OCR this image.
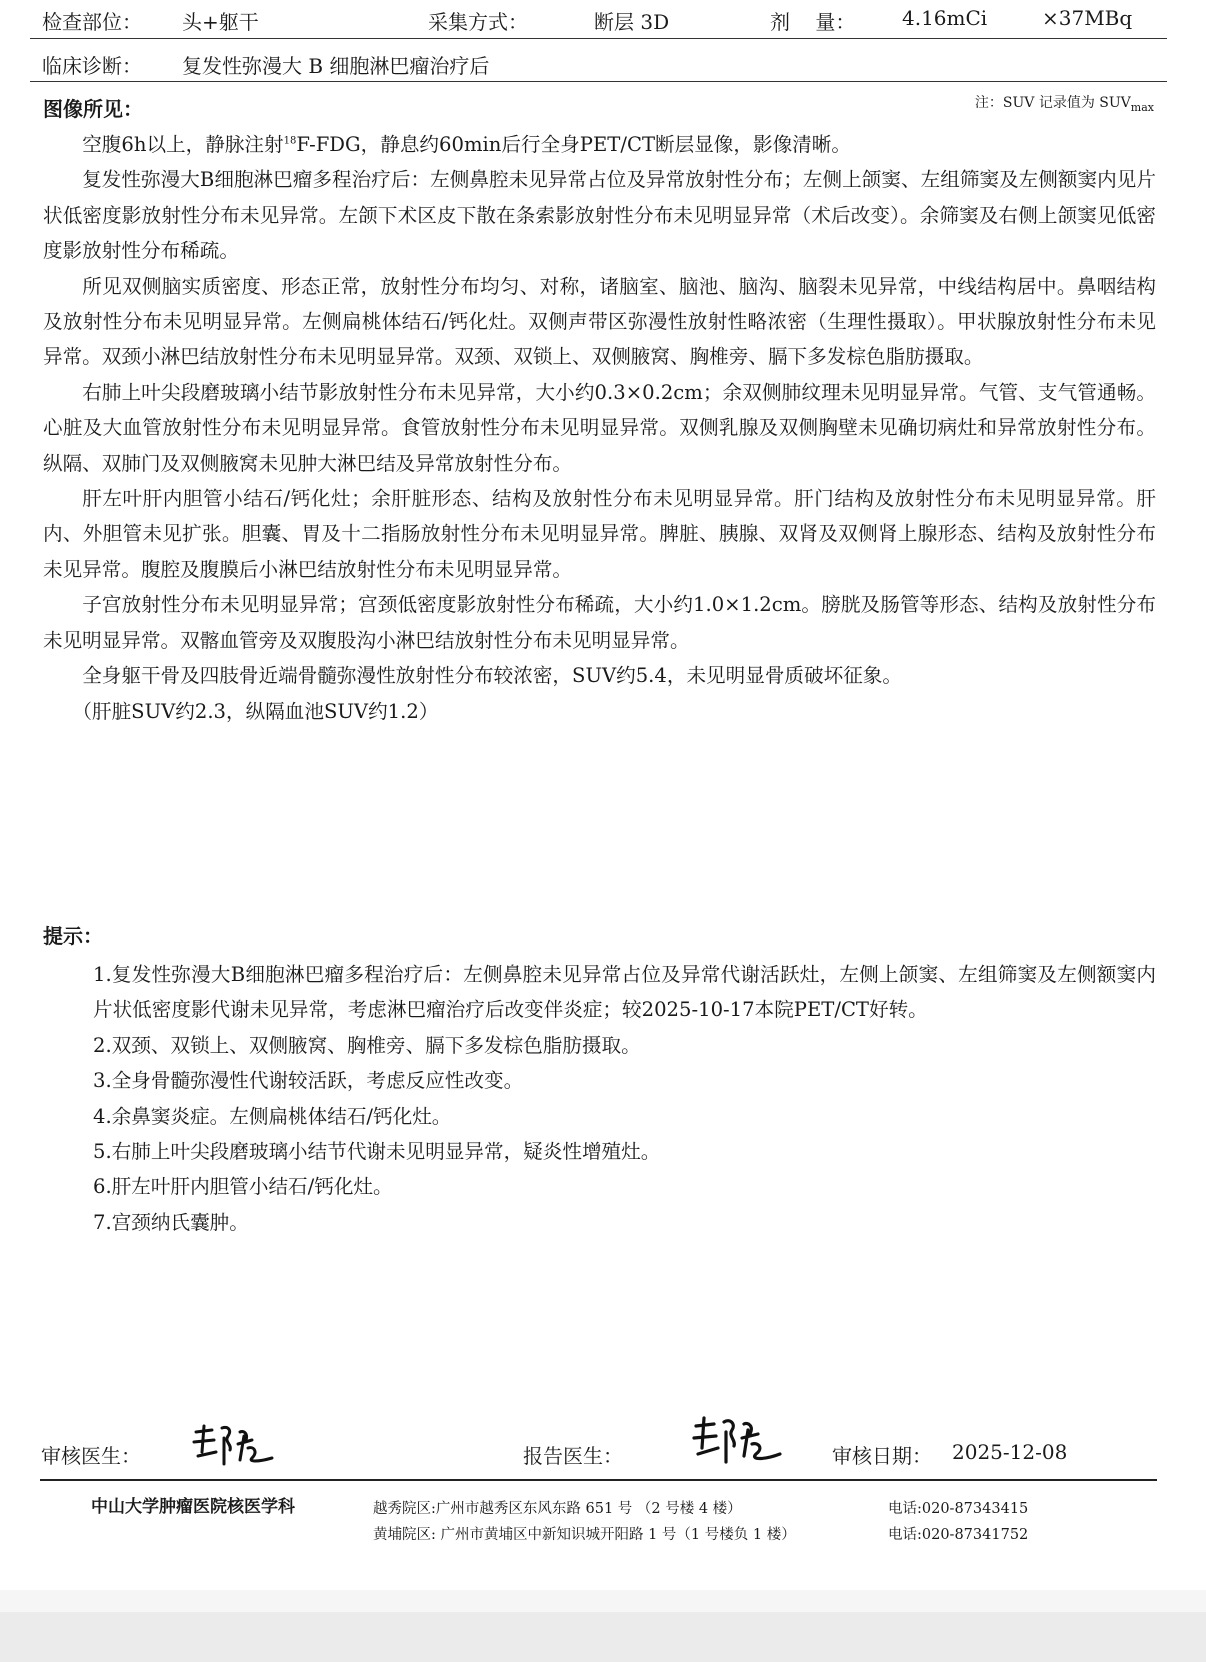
检查部位： 头+躯干	采集方式：	断层 3D	剂    量： 4.16mCi	×37MBq
临床诊断： 复发性弥漫大 B 细胞淋巴瘤治疗后
图像所见：	注：SUV 记录值为 $SUV_{max}$

空腹6h以上，静脉注射$^{18}$F-FDG，静息约60min后行全身PET/CT断层显像，影像清晰。

复发性弥漫大B细胞淋巴瘤多程治疗后：左侧鼻腔未见异常占位及异常放射性分布；左侧上颌窦、左组筛窦及左侧额窦内见片状低密度影放射性分布未见异常。左颌下术区皮下散在条索影放射性分布未见明显异常（术后改变）。余筛窦及右侧上颌窦见低密度影放射性分布稀疏。

所见双侧脑实质密度、形态正常，放射性分布均匀、对称，诸脑室、脑池、脑沟、脑裂未见异常，中线结构居中。鼻咽结构及放射性分布未见明显异常。左侧扁桃体结石/钙化灶。双侧声带区弥漫性放射性略浓密（生理性摄取）。甲状腺放射性分布未见异常。双颈小淋巴结放射性分布未见明显异常。双颈、双锁上、双侧腋窝、胸椎旁、膈下多发棕色脂肪摄取。

右肺上叶尖段磨玻璃小结节影放射性分布未见异常，大小约0.3×0.2cm；余双侧肺纹理未见明显异常。气管、支气管通畅。心脏及大血管放射性分布未见明显异常。食管放射性分布未见明显异常。双侧乳腺及双侧胸壁未见确切病灶和异常放射性分布。纵隔、双肺门及双侧腋窝未见肿大淋巴结及异常放射性分布。

肝左叶肝内胆管小结石/钙化灶；余肝脏形态、结构及放射性分布未见明显异常。肝门结构及放射性分布未见明显异常。肝内、外胆管未见扩张。胆囊、胃及十二指肠放射性分布未见明显异常。脾脏、胰腺、双肾及双侧肾上腺形态、结构及放射性分布未见异常。腹腔及腹膜后小淋巴结放射性分布未见明显异常。

子宫放射性分布未见明显异常；宫颈低密度影放射性分布稀疏，大小约1.0×1.2cm。膀胱及肠管等形态、结构及放射性分布未见明显异常。双髂血管旁及双腹股沟小淋巴结放射性分布未见明显异常。

全身躯干骨及四肢骨近端骨髓弥漫性放射性分布较浓密，SUV约5.4，未见明显骨质破坏征象。

（肝脏SUV约2.3，纵隔血池SUV约1.2）

提示：

1.复发性弥漫大B细胞淋巴瘤多程治疗后：左侧鼻腔未见异常占位及异常代谢活跃灶，左侧上颌窦、左组筛窦及左侧额窦内片状低密度影代谢未见异常，考虑淋巴瘤治疗后改变伴炎症；较2025-10-17本院PET/CT好转。

2.双颈、双锁上、双侧腋窝、胸椎旁、膈下多发棕色脂肪摄取。

3.全身骨髓弥漫性代谢较活跃，考虑反应性改变。

4.余鼻窦炎症。左侧扁桃体结石/钙化灶。

5.右肺上叶尖段磨玻璃小结节代谢未见明显异常，疑炎性增殖灶。

6.肝左叶肝内胆管小结石/钙化灶。

7.宫颈纳氏囊肿。

审核医生：	报告医生：	审核日期： 2025-12-08
中山大学肿瘤医院核医学科	越秀院区:广州市越秀区东风东路 651 号 （2 号楼 4 楼）	电话:020-87343415
黄埔院区: 广州市黄埔区中新知识城开阳路 1 号（1 号楼负 1 楼）	电话:020-87341752
